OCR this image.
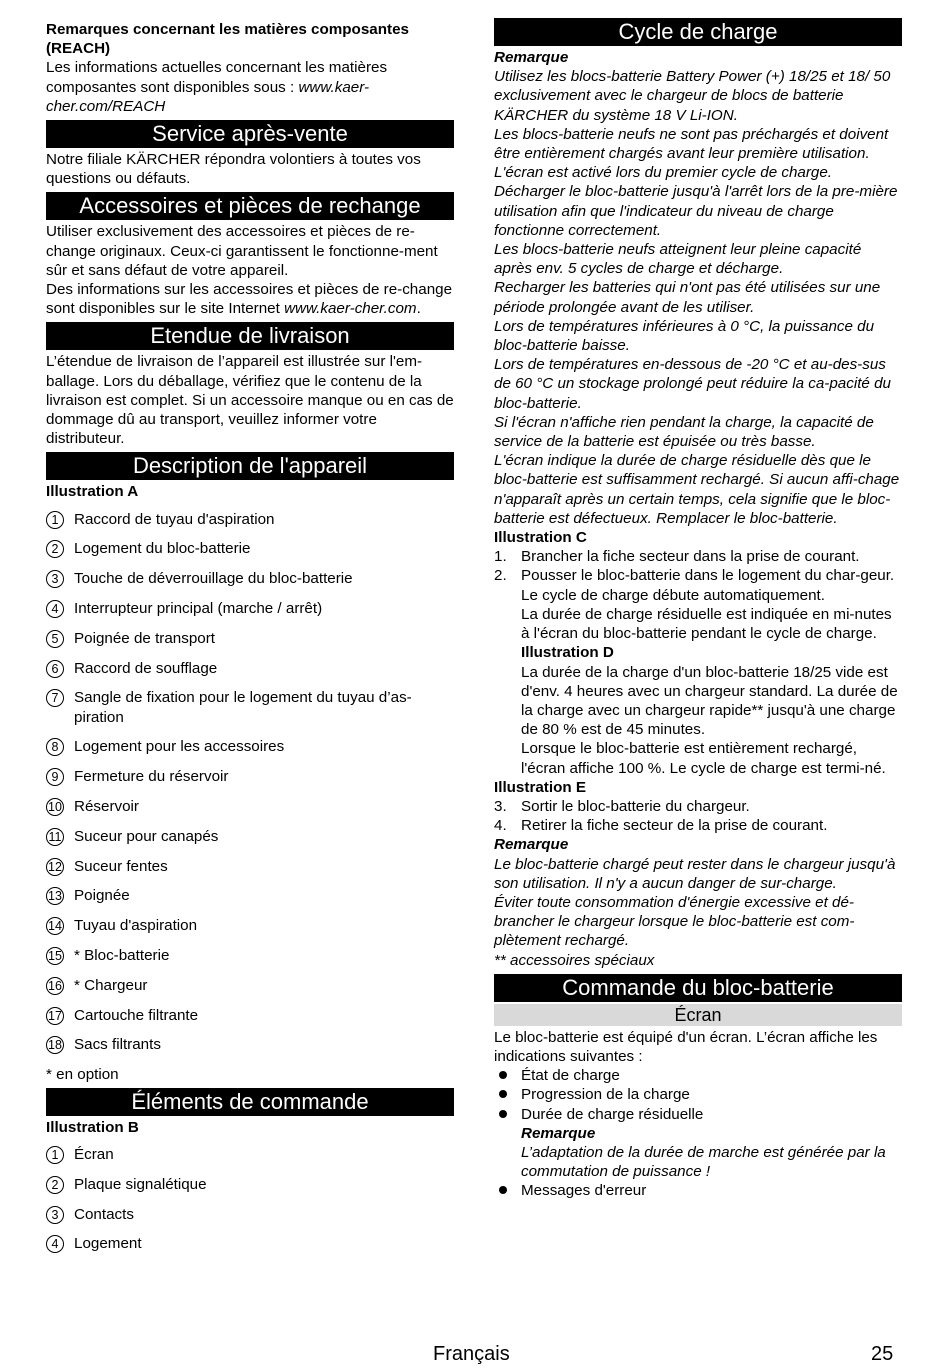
Remarques concernant les matières composantes (REACH)

Les informations actuelles concernant les matières composantes sont disponibles sous : www.kaer-cher.com/REACH

Service après-vente

Notre filiale KÄRCHER répondra volontiers à toutes vos questions ou défauts.

Accessoires et pièces de rechange

Utiliser exclusivement des accessoires et pièces de re-change originaux. Ceux-ci garantissent le fonctionne-ment sûr et sans défaut de votre appareil.

Des informations sur les accessoires et pièces de re-change sont disponibles sur le site Internet www.kaer-cher.com.

Etendue de livraison

L’étendue de livraison de l’appareil est illustrée sur l'em-ballage. Lors du déballage, vérifiez que le contenu de la livraison est complet. Si un accessoire manque ou en cas de dommage dû au transport, veuillez informer votre distributeur.

Description de l'appareil

Illustration A

1	Raccord de tuyau d'aspiration
2	Logement du bloc-batterie
3	Touche de déverrouillage du bloc-batterie
4	Interrupteur principal (marche / arrêt)
5	Poignée de transport
6	Raccord de soufflage
7	Sangle de fixation pour le logement du tuyau d’as-piration
8	Logement pour les accessoires
9	Fermeture du réservoir
10 Réservoir
11 Suceur pour canapés
12 Suceur fentes
13 Poignée
14 Tuyau d'aspiration
15 * Bloc-batterie
16 * Chargeur
17 Cartouche filtrante
18 Sacs filtrants

* en option

Éléments de commande

Illustration B

1	Écran
2	Plaque signalétique
3	Contacts
4	Logement
Cycle de charge

Remarque

Utilisez les blocs-batterie Battery Power (+) 18/25 et 18/ 50 exclusivement avec le chargeur de blocs de batterie KÄRCHER du système 18 V Li-ION.

Les blocs-batterie neufs ne sont pas préchargés et doivent être entièrement chargés avant leur première utilisation.

L'écran est activé lors du premier cycle de charge.

Décharger le bloc-batterie jusqu'à l'arrêt lors de la pre-mière utilisation afin que l'indicateur du niveau de charge fonctionne correctement.

Les blocs-batterie neufs atteignent leur pleine capacité après env. 5 cycles de charge et décharge.

Recharger les batteries qui n'ont pas été utilisées sur une période prolongée avant de les utiliser.

Lors de températures inférieures à 0 °C, la puissance du bloc-batterie baisse.

Lors de températures en-dessous de -20 °C et au-des-sus de 60 °C un stockage prolongé peut réduire la ca-pacité du bloc-batterie.

Si l'écran n'affiche rien pendant la charge, la capacité de service de la batterie est épuisée ou très basse.

L'écran indique la durée de charge résiduelle dès que le bloc-batterie est suffisamment rechargé. Si aucun affi-chage n'apparaît après un certain temps, cela signifie que le bloc-batterie est défectueux. Remplacer le bloc-batterie.

Illustration C

1. Brancher la fiche secteur dans la prise de courant.
2. Pousser le bloc-batterie dans le logement du char-geur.

Le cycle de charge débute automatiquement.

La durée de charge résiduelle est indiquée en mi-nutes à l'écran du bloc-batterie pendant le cycle de charge.

Illustration D

La durée de la charge d'un bloc-batterie 18/25 vide est d'env. 4 heures avec un chargeur standard. La durée de la charge avec un chargeur rapide** jusqu'à une charge de 80 % est de 45 minutes.

Lorsque le bloc-batterie est entièrement rechargé, l'écran affiche 100 %. Le cycle de charge est termi-né.

Illustration E

3. Sortir le bloc-batterie du chargeur.
4. Retirer la fiche secteur de la prise de courant.

Remarque

Le bloc-batterie chargé peut rester dans le chargeur jusqu'à son utilisation. Il n'y a aucun danger de sur-charge.

Éviter toute consommation d'énergie excessive et dé-brancher le chargeur lorsque le bloc-batterie est com-plètement rechargé.

** accessoires spéciaux

Commande du bloc-batterie
Écran

Le bloc-batterie est équipé d'un écran. L’écran affiche les indications suivantes :

État de charge
Progression de la charge
Durée de charge résiduelle

Remarque

L’adaptation de la durée de marche est générée par la commutation de puissance !

Messages d'erreur
Français	25
